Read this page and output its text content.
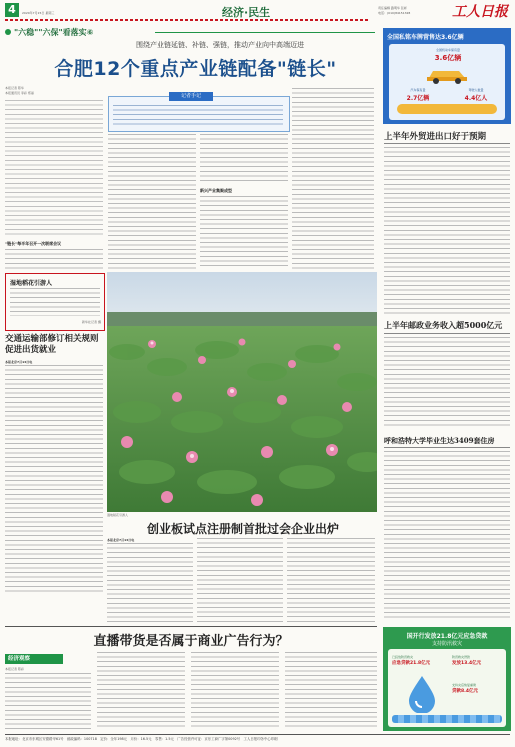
4	2020年7月15日 星期三	经济·民生	责任编辑 路明华 张彬
电话：(010)84151328	工人日报
"六稳""六保"看落实⑥
围绕产业链延链、补链、强链，推动产业向中高端迈进
合肥12个重点产业链配备"链长"
本报记者 陈华
本报通讯员 李彩 郑丽
"链长"每半年召开一次联席会议
记者手记
新兴产业集聚成型
全国私铭车牌营售达3.6亿辆
全国机动车保有量
3.6亿辆
汽车保有量
2.7亿辆
驾驶人数量
4.4亿人
上半年外贸进出口好于预期
上半年邮政业务收入超5000亿元
呼和浩特大学毕业生达3409套住房
国开行发放21.8亿元应急贷款
支持防汛救灾
已投放防汛救灾
应急贷款21.8亿元
防汛救灾贷款
发放13.4亿元
支持灾后恢复重建
贷款8.4亿元
湿地稻花引游人
新华社记者 摄
交通运输部修订相关规则促进出货就业
本报北京7月14日电
湿地稻花引游人
创业板试点注册制首批过会企业出炉
本报北京7月14日电
直播带货是否属于商业广告行为？
经济观察
本报记者 陈彩
本报地址：北京市东城区安德路甲61号　邮政编码：100718　定价：全年198元　月价：16.5元　零售：1.5元　广告经营许可证：京东工商广字第0092号　工人日报印务中心印刷
